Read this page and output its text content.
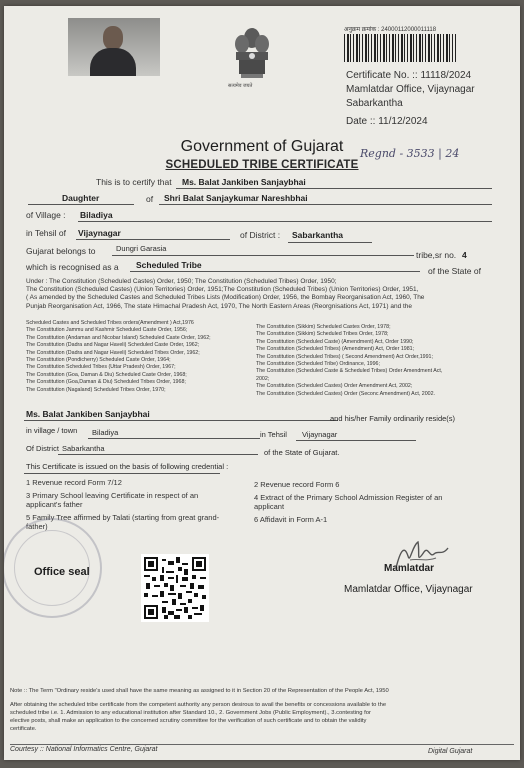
सत्यमेव जयते
अनुक्रम क्रमांक : 24000112000011118
Certificate No. :: 11118/2024
Mamlatdar Office, Vijaynagar
Sabarkantha
Date :: 11/12/2024
Regnd - 3533 | 24
Government of Gujarat
SCHEDULED TRIBE CERTIFICATE
This is to certify that Ms. Balat Jankiben Sanjaybhai
Daughter	of Shri Balat Sanjaykumar Nareshbhai
of Village : Biladiya
in Tehsil of Vijaynagar	of District : Sabarkantha
Gujarat belongs to	Dungri Garasia
tribe,sr no. 4
which is recognised as a Scheduled Tribe
of the State of
Under : The Constitution (Scheduled Castes) Order, 1950; The Constitution (Scheduled Tribes) Order, 1950;
The Constitution (Scheduled Castes) (Union Territories) Order, 1951;The Constitution (Scheduled Tribes) (Union Territories) Order, 1951,
( As amended by the Scheduled Castes and Scheduled Tribes Lists (Modification) Order, 1956, the Bombay Reorganisation Act, 1960, The
Punjab Reorganisation Act, 1966, The state Himachal Pradesh Act, 1970, The North Eastern Areas (Reorgnisations Act, 1971) and the
Scheduled Castes and Scheduled Tribes orders(Amendment ) Act,1976
The Constitution Jammu and Kashmir Scheduled Caste Order, 1956;
The Constitution (Andaman and Nicobar Island) Scheduled Caste Order, 1962;
The Constitution (Dadra and Nagar Haveli) Scheduled Caste Order, 1962;
The Constitution (Dadra and Nagar Haveli) Scheduled Tribes Order, 1962;
The Constitution (Pondicherry) Scheduled Caste Order, 1964;
The Constitution Scheduled Tribes (Uttar Pradesh) Order, 1967;
The Constitution (Goa, Daman & Diu) Scheduled Caste Order, 1968;
The Constitution (Goa,Daman & Diu) Scheduled Tribes Order, 1968;
The Constitution (Nagaland) Scheduled Tribes Order, 1970;
The Constitution (Sikkim) Scheduled Castes Order, 1978;
The Constitution (Sikkim) Scheduled Tribes Order, 1978;
The Constitution (Scheduled Caste) (Amendment) Act, Order 1990;
The Constitution (Scheduled Tribes) (Amendment) Act, Order 1981;
The Constitution (Scheduled Tribes) ( Second Amendment) Act Order,1991;
The Constitution (Scheduled Tribe) Ordinance, 1996;
The Constitution (Scheduled Caste & Scheduled Tribes) Order Amendment Act,
2002;
The Constitution (Scheduled Castes) Order Amendment Act, 2002;
The Constitution (Scheduled Castes) Order (Seconc Amendment) Act, 2002.
Ms. Balat Jankiben Sanjaybhai	and his/her Family ordinarily reside(s)
in village / town Biladiya	in Tehsil Vijaynagar
Of District Sabarkantha	of the State of Gujarat.
This Certificate is issued on the basis of following credential :
1 Revenue record Form 7/12
3 Primary School leaving Certificate in respect of an
applicant's father
5 Family Tree affirmed by Talati (starting from great grand-
father)
2 Revenue record Form 6
4 Extract of the Primary School Admission Register of an
applicant
6 Affidavit in Form A-1
Office seal	Mamlatdar
Mamlatdar Office, Vijaynagar
Note :: The Term "Ordinary reside's used shall have the same meaning as assigned to it in Section 20 of the Representation of the People Act, 1950
After obtaining the scheduled tribe certificate from the competent authority any person desirous to avail the benefits or concessions available to the
scheduled tribe i.e. 1. Admission to any educational institution after Standard 10., 2. Government Jobs (Public Employment)., 3.contesting for
elective posts, shall make an application to the concerned scrutiny committee for the verification of such certificate and to obtain the validity
certificate.
Courtesy :: National Informatics Centre, Gujarat	Digital Gujarat
